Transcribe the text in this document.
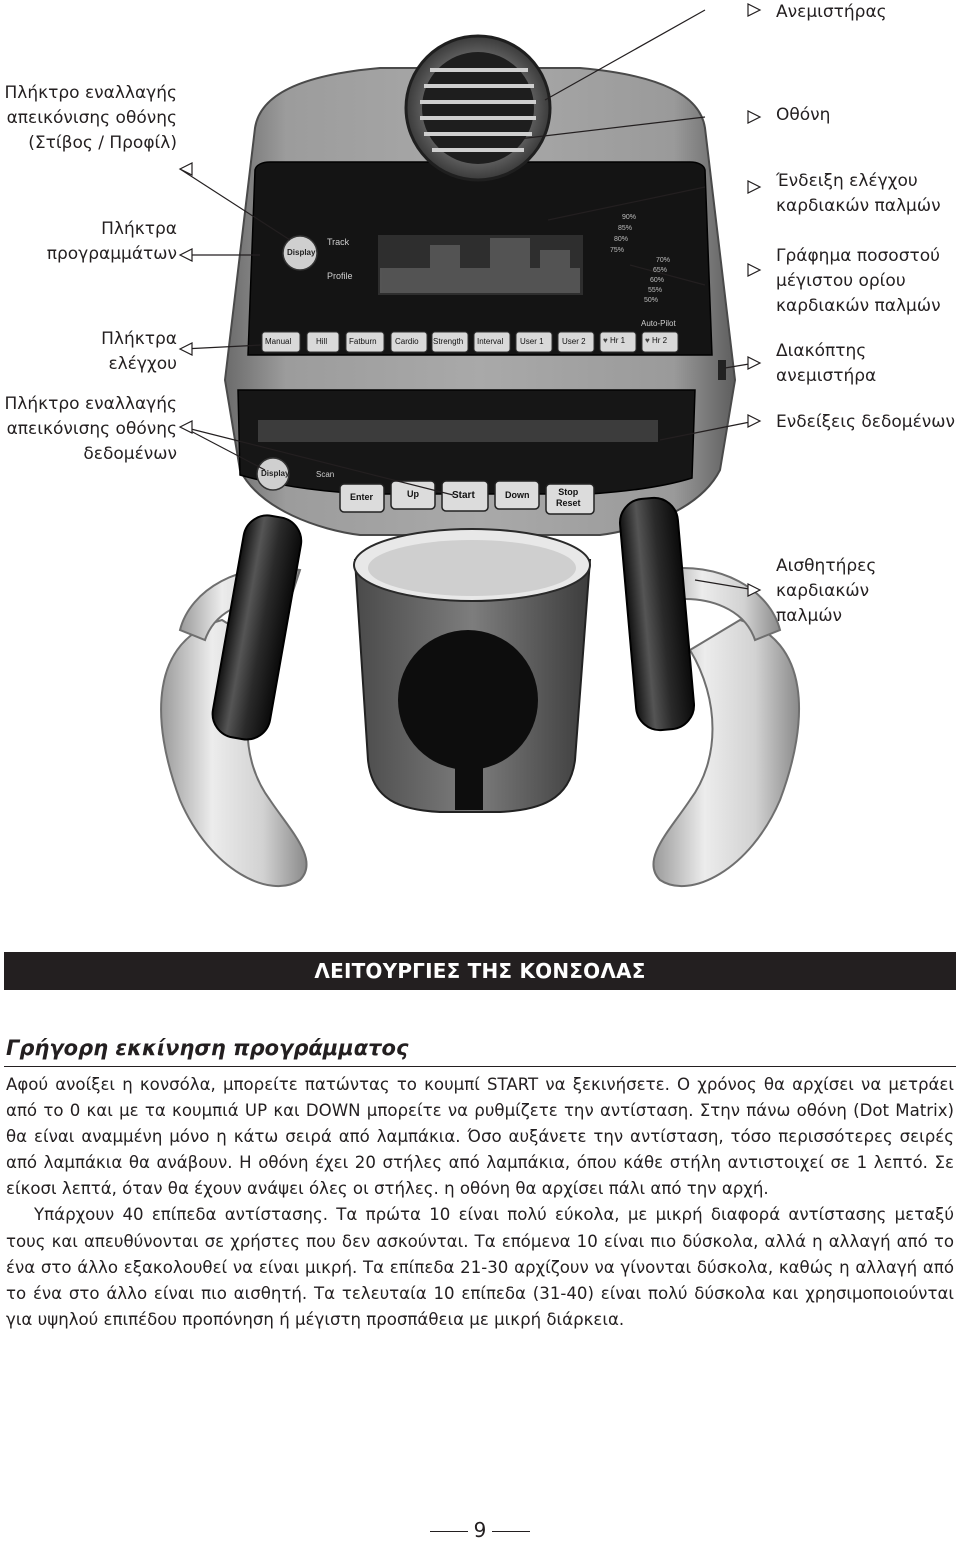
Track
Profile
Display
Auto-Pilot
90%
85%
80%
75%
70%
65%
60%
55%
50%
Manual	Hill	Fatburn Cardio Strength Interval User 1 User 2 ♥ Hr 1 ♥ Hr 2
Display	Scan
Enter	Up	Start	Down	Stop
Reset
Πλήκτρο εναλλαγής
απεικόνισης οθόνης
(Στίβος / Προφίλ)
Πλήκτρα
προγραμμάτων
Πλήκτρα
ελέγχου
Πλήκτρο εναλλαγής
απεικόνισης οθόνης
δεδομένων
Ανεμιστήρας
Οθόνη
Ένδειξη ελέγχου
καρδιακών παλμών
Γράφημα ποσοστού
μέγιστου ορίου
καρδιακών παλμών
Διακόπτης
ανεμιστήρα
Ενδείξεις δεδομένων
Αισθητήρες
καρδιακών
παλμών
ΛΕΙΤΟΥΡΓΙΕΣ ΤΗΣ ΚΟΝΣΟΛΑΣ
Γρήγορη εκκίνηση προγράμματος

Αφού ανοίξει η κονσόλα, μπορείτε πατώντας το κουμπί START να ξεκινήσετε. Ο χρόνος θα αρχίσει να μετράει από το 0 και με τα κουμπιά UP και DOWN μπορείτε να ρυθμίζετε την αντίσταση. Στην πάνω οθόνη (Dot Matrix) θα είναι αναμμένη μόνο η κάτω σειρά από λαμπάκια. Όσο αυξάνετε την αντίσταση, τόσο περισσότερες σειρές από λαμπάκια θα ανάβουν. Η οθόνη έχει 20 στήλες από λαμπάκια, όπου κάθε στήλη αντιστοιχεί σε 1 λεπτό. Σε είκοσι λεπτά, όταν θα έχουν ανάψει όλες οι στήλες. η οθόνη θα αρχίσει πάλι από την αρχή.

Υπάρχουν 40 επίπεδα αντίστασης. Τα πρώτα 10 είναι πολύ εύκολα, με μικρή διαφορά αντίστασης μεταξύ τους και απευθύνονται σε χρήστες που δεν ασκούνται. Τα επόμενα 10 είναι πιο δύσκολα, αλλά η αλλαγή από το ένα στο άλλο εξακολουθεί να είναι μικρή. Τα επίπεδα 21-30 αρχίζουν να γίνονται δύσκολα, καθώς η αλλαγή από το ένα στο άλλο είναι πιο αισθητή. Τα τελευταία 10 επίπεδα (31-40) είναι πολύ δύσκολα και χρησιμοποιούνται για υψηλού επιπέδου προπόνηση ή μέγιστη προσπάθεια με μικρή διάρκεια.

9
